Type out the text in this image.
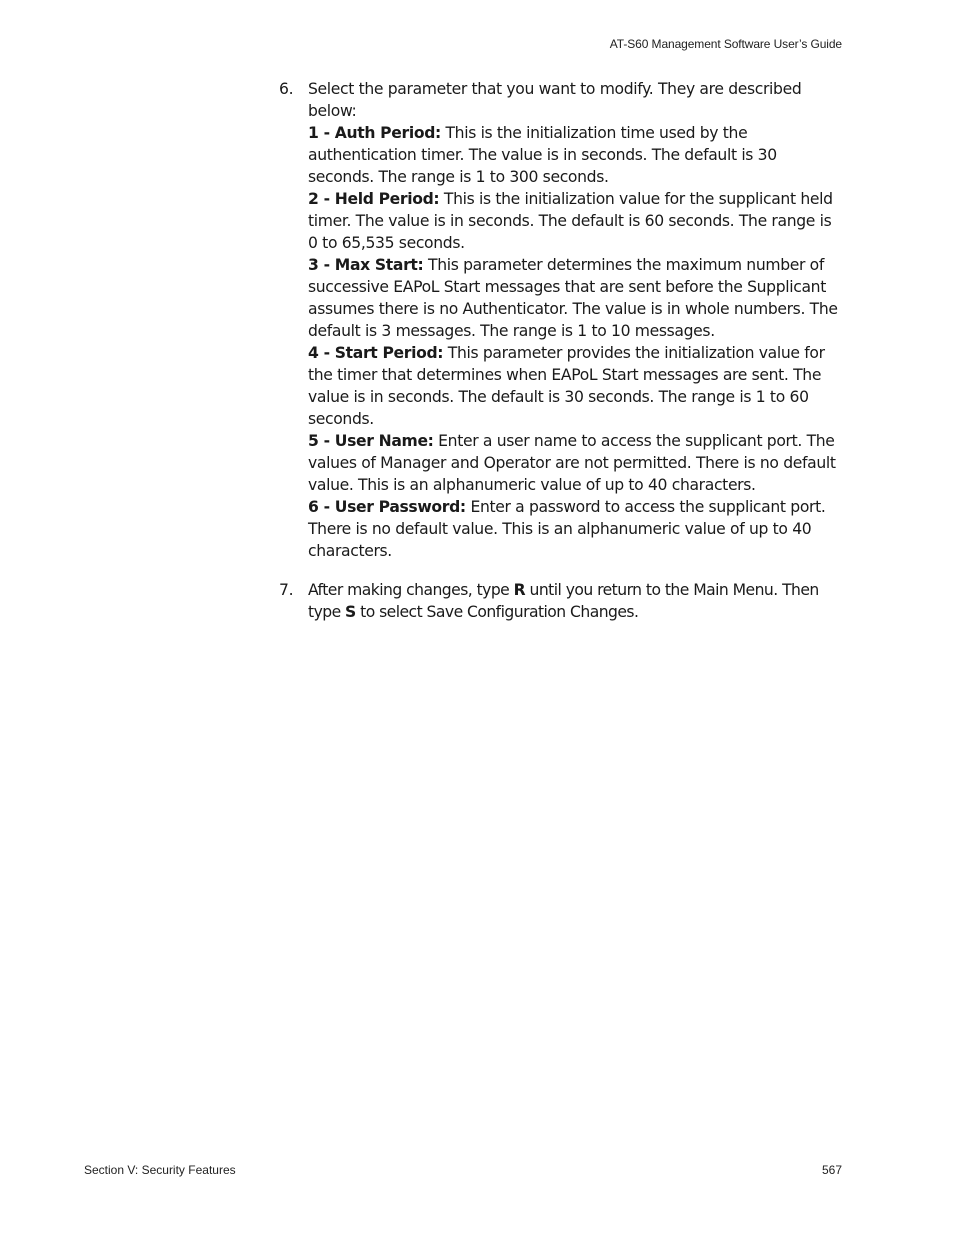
AT-S60 Management Software User’s Guide
6. Select the parameter that you want to modify. They are described below:

1 - Auth Period: This is the initialization time used by the authentication timer. The value is in seconds. The default is 30 seconds. The range is 1 to 300 seconds.

2 - Held Period: This is the initialization value for the supplicant held timer. The value is in seconds. The default is 60 seconds. The range is 0 to 65,535 seconds.

3 - Max Start: This parameter determines the maximum number of successive EAPoL Start messages that are sent before the Supplicant assumes there is no Authenticator. The value is in whole numbers. The default is 3 messages. The range is 1 to 10 messages.

4 - Start Period: This parameter provides the initialization value for the timer that determines when EAPoL Start messages are sent. The value is in seconds. The default is 30 seconds. The range is 1 to 60 seconds.

5 - User Name: Enter a user name to access the supplicant port. The values of Manager and Operator are not permitted. There is no default value. This is an alphanumeric value of up to 40 characters.

6 - User Password: Enter a password to access the supplicant port. There is no default value. This is an alphanumeric value of up to 40 characters.

7. After making changes, type R until you return to the Main Menu. Then type S to select Save Configuration Changes.

Section V: Security Features	567
